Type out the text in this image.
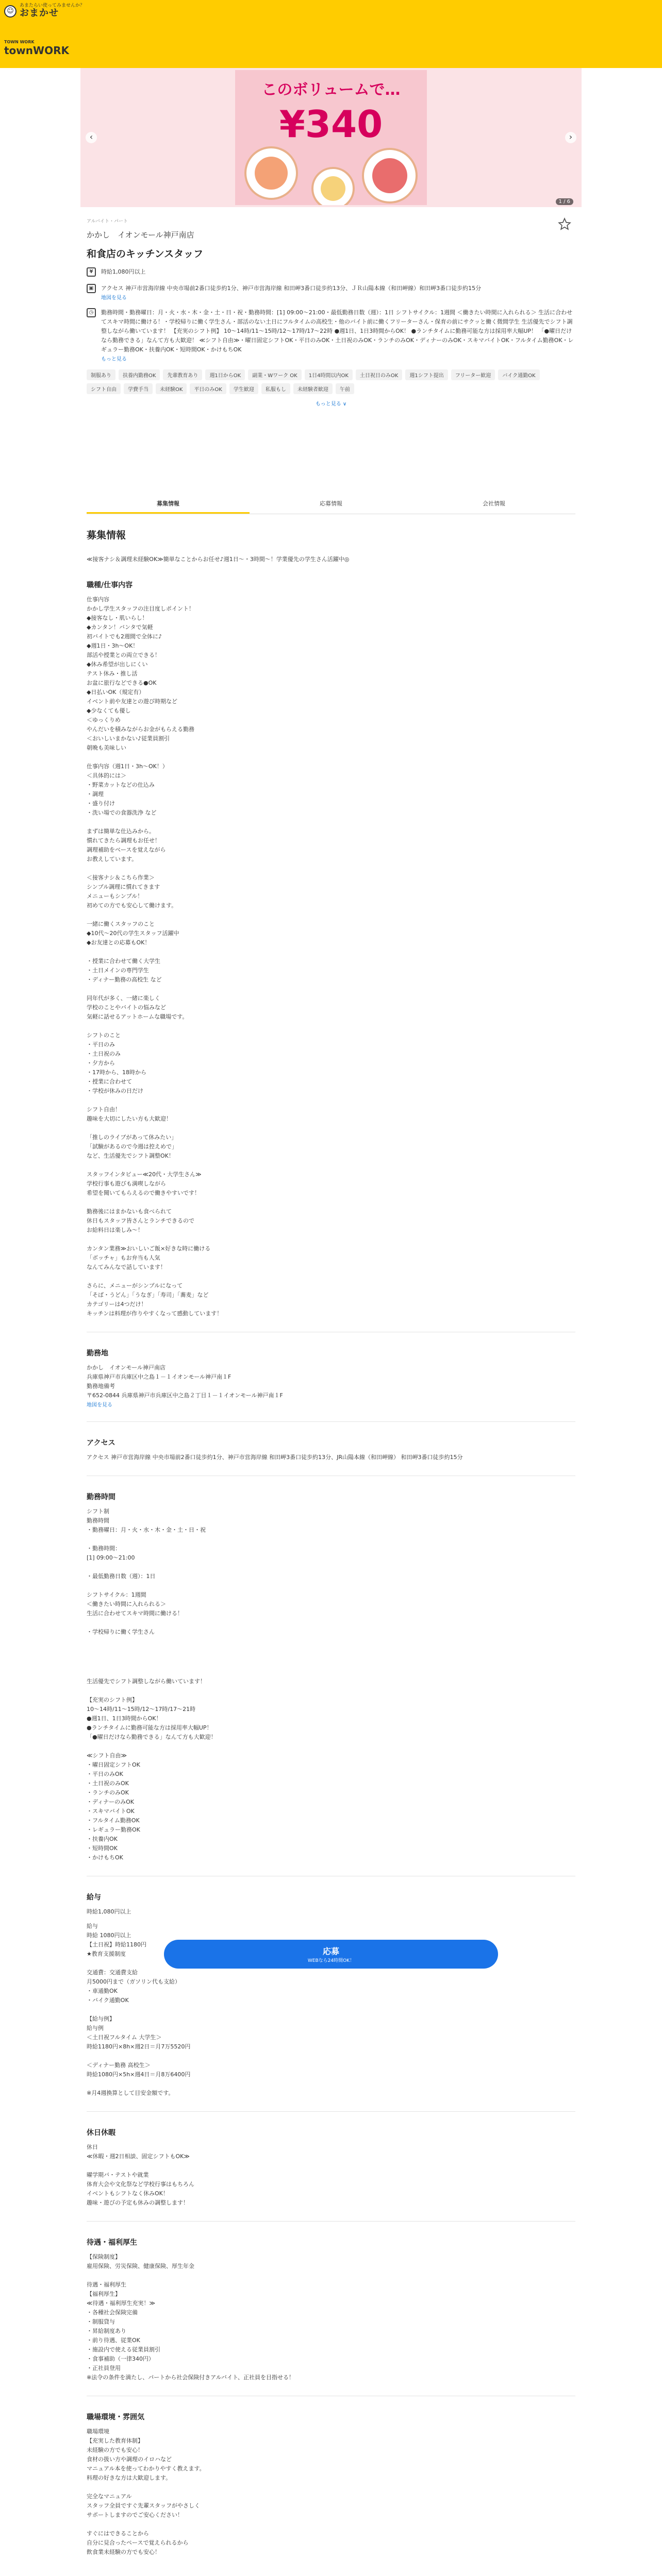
☺
あまたらい使ってみませんか？
おまかせ
TOWN WORK
townWORK
このボリュームで…
¥340
‹	›
1 / 6
アルバイト・パート
かかし　イオンモール神戸南店
和食店のキッチンスタッフ
¥	時給1,080円以上
▣	アクセス 神戸市営海岸線 中央市場前2番口徒歩約1分、神戸市営海岸線 和田岬3番口徒歩約13分、ＪＲ山陽本線（和田岬線）和田岬3番口徒歩約15分
地図を見る
◷	勤務時間・勤務曜日：月・火・水・木・金・土・日・祝・勤務時間：[1] 09:00〜21:00・最低勤務日数（週）：1日 シフトサイクル：1週間 ＜働きたい時間に入れられる＞ 生活に合わせてスキマ時間に働ける！・学校帰りに働く学生さん・部活のない土日にフルタイムの高校生・他のバイト前に働くフリーターさん・保育の前にサクッと働く微間学生 生活優先でシフト調整しながら働いています！ 【充実のシフト例】 10〜14時/11〜15時/12〜17時/17〜22時 ●週1日、1日3時間からOK！ ●ランチタイムに勤務可能な方は採用率大幅UP！ 「●曜日だけなら勤務できる」なんて方も大歓迎！ ≪シフト自由≫・曜日固定シフトOK・平日のみOK・土日祝のみOK・ランチのみOK・ディナーのみOK・スキマバイトOK・フルタイム勤務OK・レギュラー勤務OK・扶養内OK・短時間OK・かけもちOK
もっと見る
制服あり	扶養内勤務OK	先輩教育あり	週1日からOK	副業・Wワーク OK	1日4時間以内OK	土日祝日のみOK	週1シフト提出	フリーター歓迎	バイク通勤OK
シフト自由	学費手当	未経験OK	平日のみOK	学生歓迎	私服もし	未経験者歓迎	午前
もっと見る ∨
募集情報	応募情報	会社情報
募集情報
≪接客ナシ＆調理未経験OK≫簡単なことからお任せ♪週1日〜・3時間〜！学業優先の学生さん活躍中◎
職種/仕事内容
仕事内容
かかし学生スタッフの注目度しポイント！
◆接客なし・肌いらし！
◆カンタン！バンタで気軽
初バイトでも2週間で全体に♪
◆週1日・3h〜OK！
部活や授業との両立できる！
◆休み希望が出しにくい
テスト休み・推し活
お盆に旅行などできる●OK
◆日払いOK（規定有）
イベント前や友達との遊び時期など
◆少なくても優し
＜ゆっくりめ
やんだいを積みながらお金がもらえる勤務
＜おいしいまかない♪従業員割引
朝晩も美味しい

仕事内容（週1日・3h〜OK！）
＜具体的には＞
・野菜カットなどの仕込み
・調理
・盛り付け
・洗い場での食器洗浄 など

まずは簡単な仕込みから。
慣れてきたら調理もお任せ！
調理補助をベースを覚えながら
お教えしています。

＜接客ナシ＆こちら作業＞
シンプル調理に慣れてきます
メニューもシンプル！
初めての方でも安心して働けます。

一緒に働くスタッフのこと
◆10代〜20代の学生スタッフ活躍中
◆お友達との応募もOK！

・授業に合わせて働く大学生
・土日メインの専門学生
・ディナー勤務の高校生 など

同年代が多く、一緒に楽しく
学校のことやバイトの悩みなど
気軽に話せるアットホームな職場です。

シフトのこと
・平日のみ
・土日祝のみ
・夕方から
・17時から、18時から
・授業に合わせて
・学校が休みの日だけ

シフト自由！
趣味を大切にしたい方も大歓迎！

「推しのライブがあって休みたい」
「試験があるので今週は控えめで」
など、生活優先でシフト調整OK！

スタッフインタビュー≪20代・大学生さん≫
学校行事も遊びも満喫しながら
希望を聞いてもらえるので働きやすいです！

勤務後にはまかないも食べられて
休日もスタッフ皆さんとランチできるので
お給料日は楽しみ～！

カンタン業務≫おいしいご飯×好きな時に働ける
「ボッチャ」もお弁当も人気
なんてみんなで話しています！

さらに、メニューがシンプルになって
「そば・うどん」「うなぎ」「寿司」「蕎麦」など
カテゴリーは4つだけ！
キッチンは料理が作りやすくなって感動しています！
勤務地
かかし　イオンモール神戸南店
兵庫県神戸市兵庫区中之島１－１イオンモール神戸南１F
勤務地備考
〒652-0844 兵庫県神戸市兵庫区中之島２丁目１－１イオンモール神戸南１F
地図を見る
アクセス
アクセス 神戸市営海岸線 中央市場前2番口徒歩約1分、神戸市営海岸線 和田岬3番口徒歩約13分、JR山陽本線（和田岬線） 和田岬3番口徒歩約15分
勤務時間
シフト制
勤務時間
・勤務曜日：月・火・水・木・金・土・日・祝

・勤務時間：
[1] 09:00〜21:00

・最低勤務日数（週）：1日

シフトサイクル：1週間
＜働きたい時間に入れられる＞
生活に合わせてスキマ時間に働ける！

・学校帰りに働く学生さん
生活優先でシフト調整しながら働いています！

【充実のシフト例】
10〜14時/11〜15時/12〜17時/17〜21時
●週1日、1日3時間からOK！
●ランチタイムに勤務可能な方は採用率大幅UP！
「●曜日だけなら勤務できる」なんて方も大歓迎！

≪シフト自由≫
・曜日固定シフトOK
・平日のみOK
・土日祝のみOK
・ランチのみOK
・ディナーのみOK
・スキマバイトOK
・フルタイム勤務OK
・レギュラー勤務OK
・扶養内OK
・短時間OK
・かけもちOK
給与
時給1,080円以上
給与
時給 1080円以上
【土日祝】時給1180円
★教育支援制度

交通費：交通費支給
月5000円まで（ガソリン代も支給）
・車通勤OK
・バイク通勤OK

【給与例】
給与例
＜土日祝フルタイム 大学生＞
時給1180円×8h×週2日＝月7万5520円

＜ディナー勤務 高校生＞
時給1080円×5h×週4日＝月8万6400円

※月4週換算として目安金額です。
休日休暇
休日
≪休暇・週2日相談、固定シフトもOK≫

曜学期バ・テストや就業
体育大会や文化祭など学校行事はもちろん
イベントもシフトなく休みOK！
趣味・遊びの予定も休みの調整します！
待遇・福利厚生
【保険制度】
雇用保険、労災保険、健康保険、厚生年金

待遇・福利厚生
【福利厚生】
≪待遇・福利厚生充実！≫
・各種社会保険完備
・制服貸与
・昇給制度あり
・前り待遇、従業OK
・施設内で使える従業員割引
・食事補助（一律340円）
・正社員登用
※法令の条件を満たし、パートから社会保険付きアルバイト、正社員を目指せる！
職場環境・雰囲気
職場環境
【充実した教育体制】
未経験の方でも安心！
食材の扱い方や調理のイロハなど
マニュアル本を使ってわかりやすく教えます。
料理の好きな方は大歓迎します。

完全なマニュアル
スタッフ全員ですぐ先輩スタッフがやさしく
サポートしますのでご安心ください！

すぐにはできることから
自分に見合ったペースで覚えられるから
飲食業未経験の方でも安心！

応募
WEBなら24時間OK！
